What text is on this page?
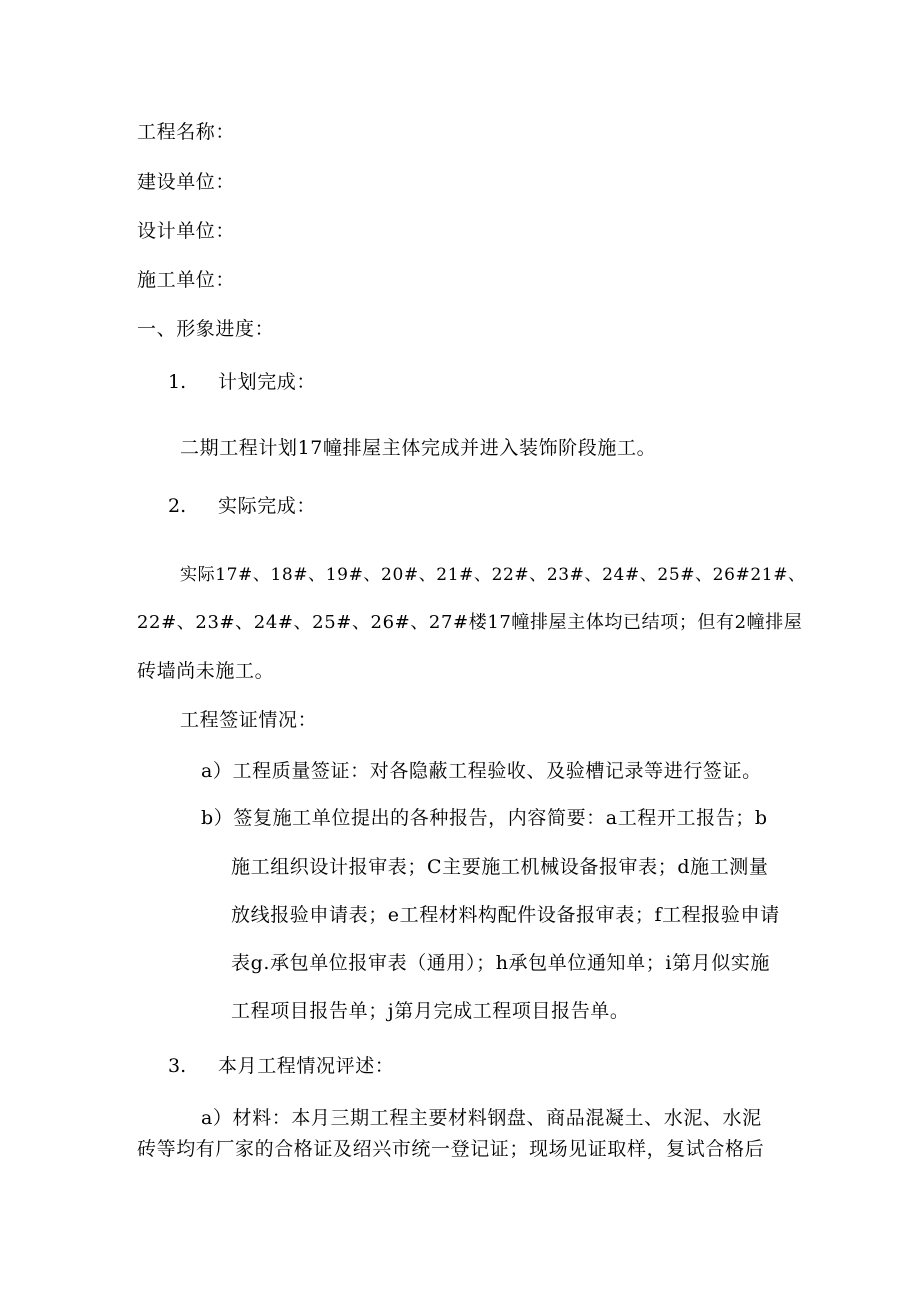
工程名称：
建设单位：
设计单位：
施工单位：
一、形象进度：
1. 计划完成：
二期工程计划17幢排屋主体完成并进入装饰阶段施工。
2. 实际完成：
实际17#、18#、19#、20#、21#、22#、23#、24#、25#、26#21#、
22#、23#、24#、25#、26#、27#楼17幢排屋主体均已结项；但有2幢排屋
砖墙尚未施工。
工程签证情况：
a）工程质量签证：对各隐蔽工程验收、及验槽记录等进行签证。
b）签复施工单位提出的各种报告，内容简要：a工程开工报告；b
施工组织设计报审表；C主要施工机械设备报审表；d施工测量
放线报验申请表；e工程材料构配件设备报审表；f工程报验申请
表g.承包单位报审表（通用）；h承包单位通知单；i第月似实施
工程项目报告单；j第月完成工程项目报告单。
3. 本月工程情况评述：
a）材料：本月三期工程主要材料钢盘、商品混凝土、水泥、水泥
砖等均有厂家的合格证及绍兴市统一登记证；现场见证取样，复试合格后
